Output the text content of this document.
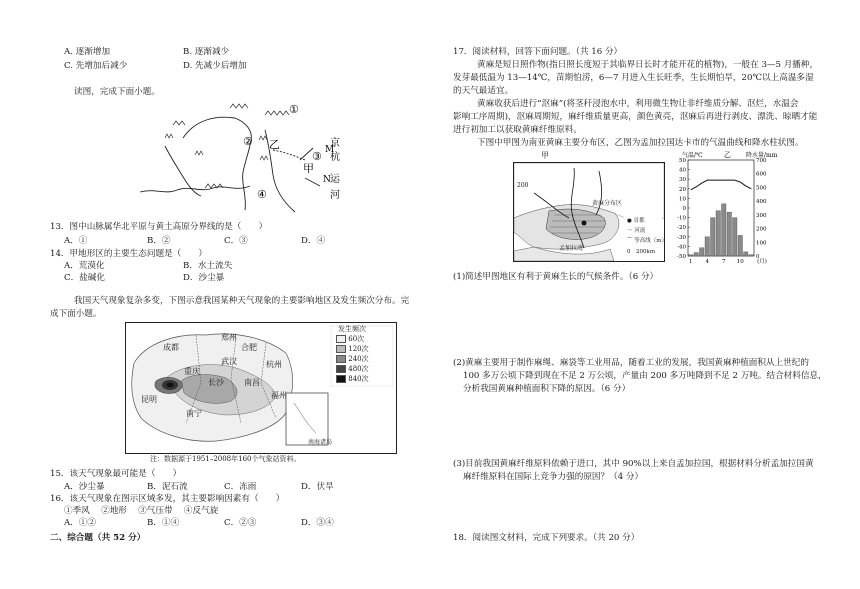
A. 逐渐增加	B. 逐渐减少
C. 先增加后减少	D. 先减少后增加
读图，完成下面小题。
①
②
③
④
乙
甲
京
杭
运
河
M
N
13．图中山脉属华北平原与黄土高原分界线的是（　　）
A．①	B．②	C．③	D．④
14．甲地形区的主要生态问题是（　　）
A．荒漠化	B．水土流失
C．盐碱化	D．沙尘暴
我国天气现象复杂多变，下图示意我国某种天气现象的主要影响地区及发生频次分布。完
成下面小题。
成都
重庆
郑州
合肥
武汉
长沙
杭州
南昌
福州
昆明
南宁
南海诸岛
发生频次
60次
120次
240次
480次
840次
注：数据源于1951–2008年160个气象站资料。
15．该天气现象最可能是（　　）
A．沙尘暴	B．泥石流	C．冻雨	D．伏旱
16．该天气现象在图示区域多发，其主要影响因素有（　　）
①季风　 ②地形　 ③气压带　 ④反气旋
A．①②	B．①④	C．②③	D．③④
二、综合题（共 52 分）
17．阅读材料，回答下面问题。（共 16 分）
黄麻是短日照作物(指日照长度短于其临界日长时才能开花的植物)，一般在 3—5 月播种，
发芽最低温为 13—14℃，苗期怕涝，6—7 月进入生长旺季，生长期怕旱，20℃以上高温多湿
的天气最适宜。
黄麻收获后进行“沤麻”(将茎秆浸泡水中，利用微生物让非纤维质分解、沤烂，水温会
影响工序周期)，沤麻周期短，麻纤维质量更高，颜色黄亮，沤麻后再进行剥皮、漂洗、晾晒才能
进行初加工以获取黄麻纤维原料。
下图中甲图为南亚黄麻主要分布区，乙图为孟加拉国达卡市的气温曲线和降水柱状图。
甲
200
黄麻分布区
孟加拉湾
● 首都
～ 河流
⌒ 等高线（m）
0　200km
气温/℃	乙	降水量/mm
50
40
30
20
10
0
-10
-20
-30
-40
-50
700
600
500
400
300
200
100
0
1 4 7 10 (月)
(1)简述甲图地区有利于黄麻生长的气候条件。（6 分）
(2)黄麻主要用于制作麻绳、麻袋等工业用品，随着工业的发展，我国黄麻种植面积从上世纪的
100 多万公顷下降到现在不足 2 万公顷，产量由 200 多万吨降到不足 2 万吨。结合材料信息，
分析我国黄麻种植面积下降的原因。（6 分）
(3)目前我国黄麻纤维原料依赖于进口，其中 90%以上来自孟加拉国，根据材料分析孟加拉国黄
麻纤维原料在国际上竞争力强的原因？（4 分）
18．阅读图文材料，完成下列要求。（共 20 分）
